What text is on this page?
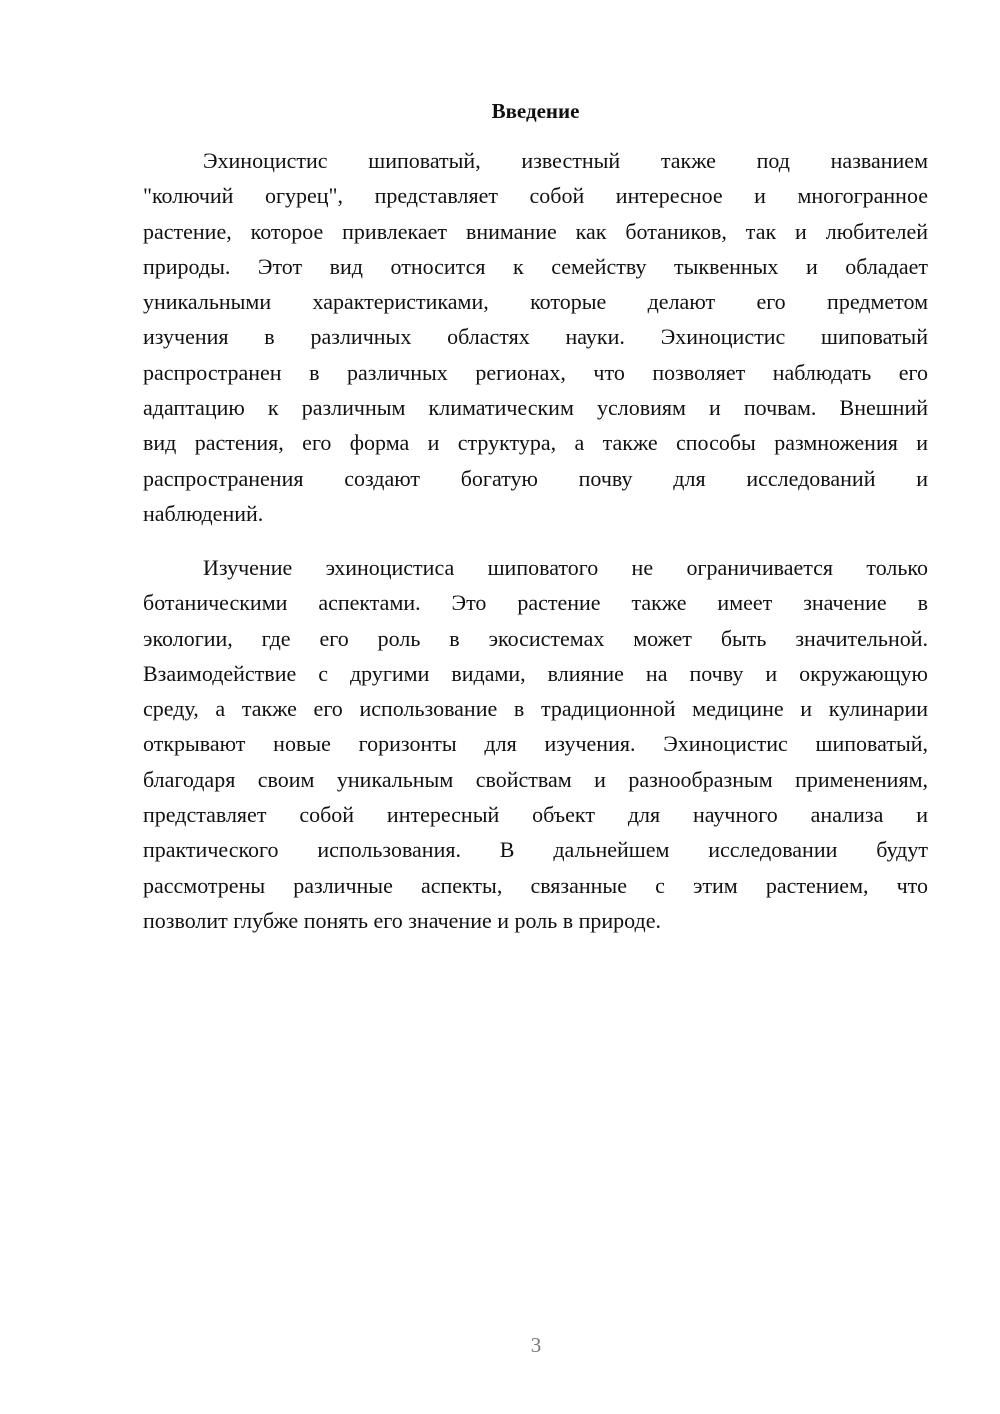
Введение
Эхиноцистис шиповатый, известный также под названием
"колючий огурец", представляет собой интересное и многогранное
растение, которое привлекает внимание как ботаников, так и любителей
природы. Этот вид относится к семейству тыквенных и обладает
уникальными характеристиками, которые делают его предметом
изучения в различных областях науки. Эхиноцистис шиповатый
распространен в различных регионах, что позволяет наблюдать его
адаптацию к различным климатическим условиям и почвам. Внешний
вид растения, его форма и структура, а также способы размножения и
распространения создают богатую почву для исследований и
наблюдений.
Изучение эхиноцистиса шиповатого не ограничивается только
ботаническими аспектами. Это растение также имеет значение в
экологии, где его роль в экосистемах может быть значительной.
Взаимодействие с другими видами, влияние на почву и окружающую
среду, а также его использование в традиционной медицине и кулинарии
открывают новые горизонты для изучения. Эхиноцистис шиповатый,
благодаря своим уникальным свойствам и разнообразным применениям,
представляет собой интересный объект для научного анализа и
практического использования. В дальнейшем исследовании будут
рассмотрены различные аспекты, связанные с этим растением, что
позволит глубже понять его значение и роль в природе.
3
